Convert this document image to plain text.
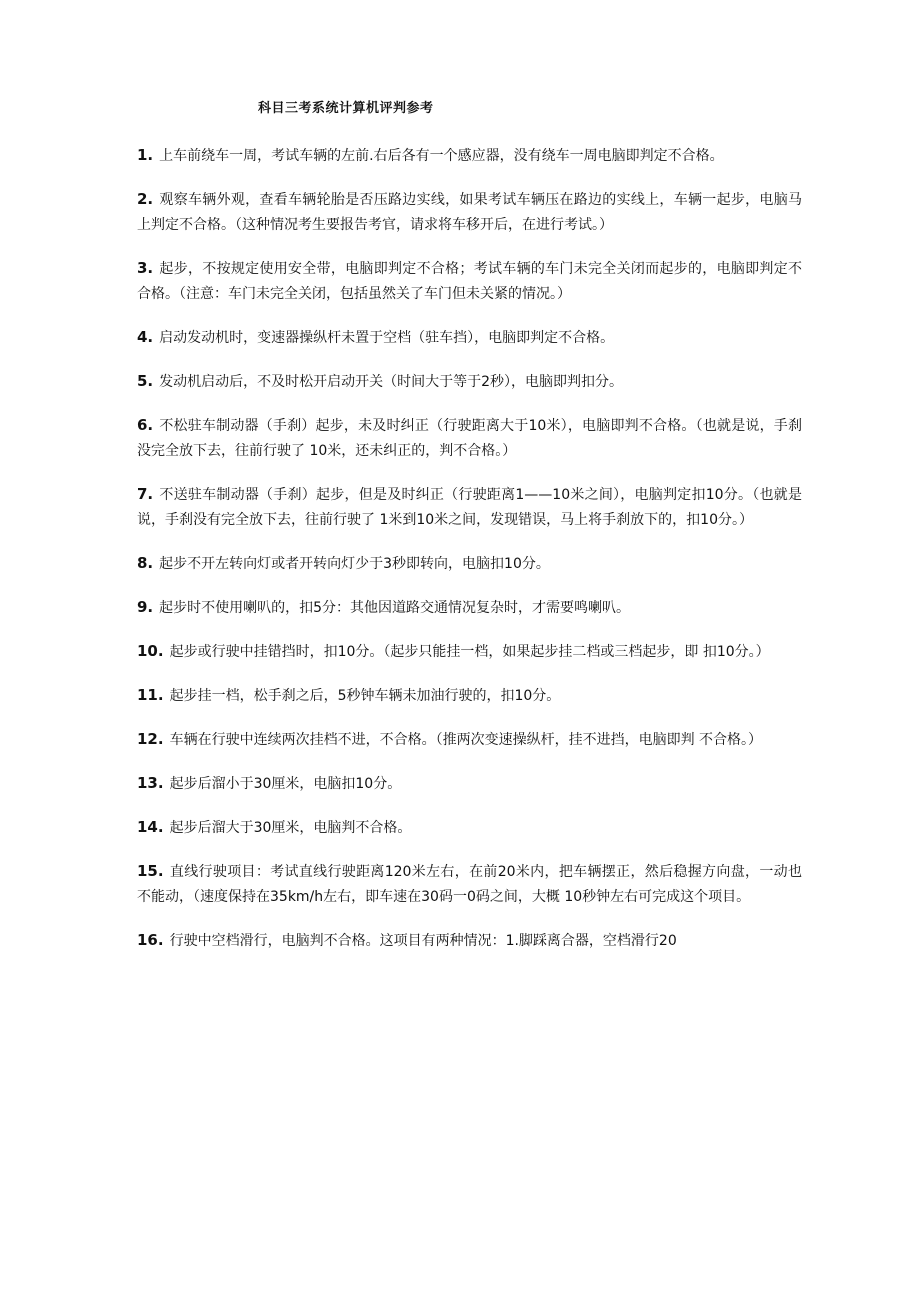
科目三考系统计算机评判参考
1. 上车前绕车一周，考试车辆的左前.右后各有一个感应器，没有绕车一周电脑即判定不合格。
2. 观察车辆外观，查看车辆轮胎是否压路边实线，如果考试车辆压在路边的实线上，车辆一起步，电脑马上判定不合格。（这种情况考生要报告考官，请求将车移开后，在进行考试。）
3. 起步，不按规定使用安全带，电脑即判定不合格；考试车辆的车门未完全关闭而起步的，电脑即判定不合格。（注意：车门未完全关闭，包括虽然关了车门但未关紧的情况。）
4. 启动发动机时，变速器操纵杆未置于空档（驻车挡），电脑即判定不合格。
5. 发动机启动后，不及时松开启动开关（时间大于等于2秒），电脑即判扣分。
6. 不松驻车制动器（手刹）起步，未及时纠正（行驶距离大于10米），电脑即判不合格。（也就是说，手刹没完全放下去，往前行驶了 10米，还未纠正的，判不合格。）
7. 不送驻车制动器（手刹）起步，但是及时纠正（行驶距离1——10米之间），电脑判定扣10分。（也就是说，手刹没有完全放下去，往前行驶了 1米到10米之间，发现错误，马上将手刹放下的，扣10分。）
8. 起步不开左转向灯或者开转向灯少于3秒即转向，电脑扣10分。
9. 起步时不使用喇叭的，扣5分：其他因道路交通情况复杂时，才需要鸣喇叭。
10. 起步或行驶中挂错挡时，扣10分。（起步只能挂一档，如果起步挂二档或三档起步，即 扣10分。）
11. 起步挂一档，松手刹之后，5秒钟车辆未加油行驶的，扣10分。
12. 车辆在行驶中连续两次挂档不进，不合格。（推两次变速操纵杆，挂不进挡，电脑即判 不合格。）
13. 起步后溜小于30厘米，电脑扣10分。
14. 起步后溜大于30厘米，电脑判不合格。
15. 直线行驶项目：考试直线行驶距离120米左右，在前20米内，把车辆摆正，然后稳握方向盘，一动也不能动，（速度保持在35km/h左右，即车速在30码一0码之间，大概 10秒钟左右可完成这个项目。
16. 行驶中空档滑行，电脑判不合格。这项目有两种情况：1.脚踩离合器，空档滑行20
